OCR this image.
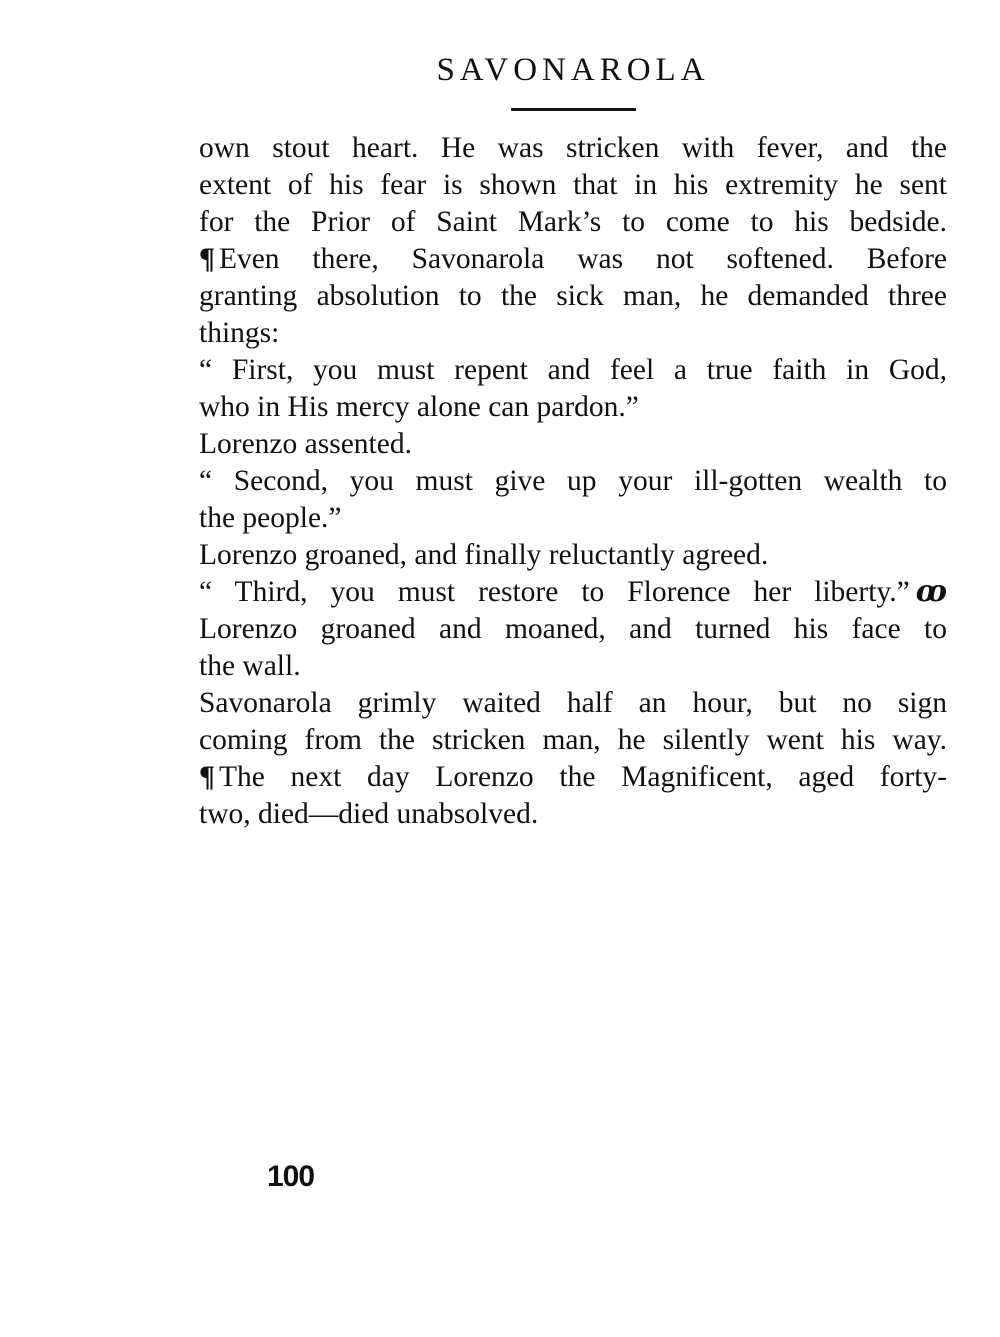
SAVONAROLA
own stout heart. He was stricken with fever, and the
extent of his fear is shown that in his extremity he sent
for the Prior of Saint Mark’s to come to his bedside.
¶ Even there, Savonarola was not softened. Before
granting absolution to the sick man, he demanded three
things:
“ First, you must repent and feel a true faith in God,
who in His mercy alone can pardon.”
Lorenzo assented.
“ Second, you must give up your ill-gotten wealth to
the people.”
Lorenzo groaned, and finally reluctantly agreed.
“ Third, you must restore to Florence her liberty.” ꝏ
Lorenzo groaned and moaned, and turned his face to
the wall.
Savonarola grimly waited half an hour, but no sign
coming from the stricken man, he silently went his way.
¶ The next day Lorenzo the Magnificent, aged forty-
two, died—died unabsolved.
100
